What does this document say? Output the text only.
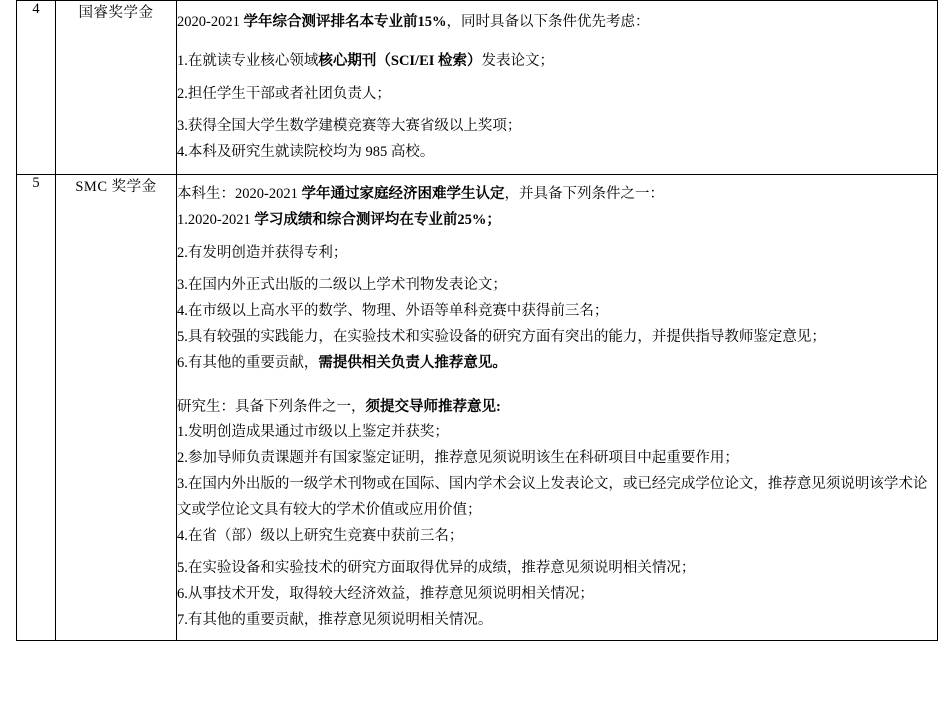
4	国睿奖学金	2020-2021 学年综合测评排名本专业前15%，同时具备以下条件优先考虑：
1.在就读专业核心领域核心期刊（SCI/EI 检索）发表论文；
2.担任学生干部或者社团负责人；
3.获得全国大学生数学建模竞赛等大赛省级以上奖项；
4.本科及研究生就读院校均为 985 高校。

5	SMC 奖学金	本科生：2020-2021 学年通过家庭经济困难学生认定，并具备下列条件之一：
1.2020-2021 学习成绩和综合测评均在专业前25%；
2.有发明创造并获得专利；
3.在国内外正式出版的二级以上学术刊物发表论文；
4.在市级以上高水平的数学、物理、外语等单科竞赛中获得前三名；
5.具有较强的实践能力，在实验技术和实验设备的研究方面有突出的能力，并提供指导教师鉴定意见；
6.有其他的重要贡献，需提供相关负责人推荐意见。
研究生：具备下列条件之一，须提交导师推荐意见:
1.发明创造成果通过市级以上鉴定并获奖；
2.参加导师负责课题并有国家鉴定证明，推荐意见须说明该生在科研项目中起重要作用；
3.在国内外出版的一级学术刊物或在国际、国内学术会议上发表论文，或已经完成学位论文，推荐意见须说明该学术论文或学位论文具有较大的学术价值或应用价值；
4.在省（部）级以上研究生竞赛中获前三名；
5.在实验设备和实验技术的研究方面取得优异的成绩，推荐意见须说明相关情况；
6.从事技术开发，取得较大经济效益，推荐意见须说明相关情况；
7.有其他的重要贡献，推荐意见须说明相关情况。
